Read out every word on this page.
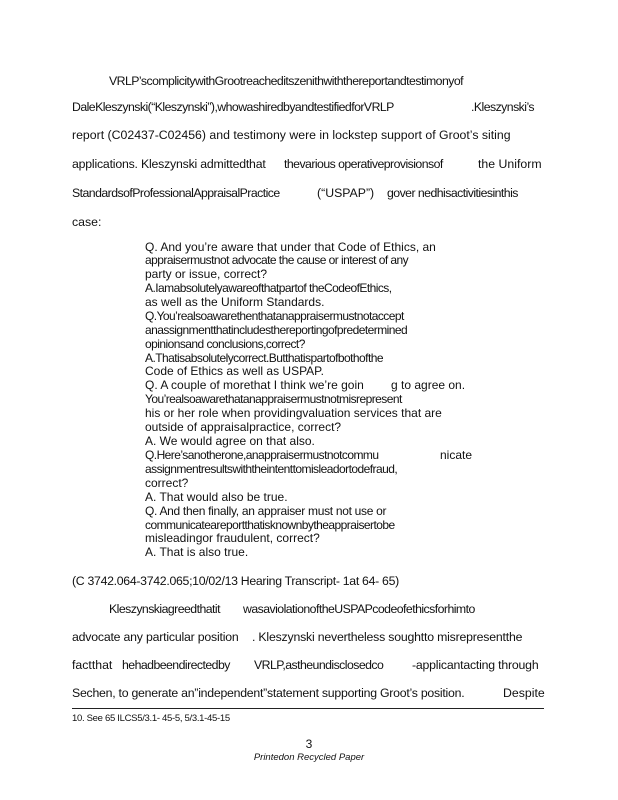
VRLP’scomplicitywithGrootreacheditszenithwiththereportandtestimonyof
DaleKleszynski(“Kleszynski”),whowashiredbyandtestifiedforVRLP	.Kleszynski’s
report (C02437-C02456) and testimony were in lockstep support of Groot’s siting
applications. Kleszynski admittedthat thevarious operativeprovisionsof	the Uniform
StandardsofProfessionalAppraisalPractice	(“USPAP”) gover nedhisactivitiesinthis
case:
Q. And you’re aware that under that Code of Ethics, an
appraisermustnot advocate the cause or interest of any
party or issue, correct?
A.Iamabsolutelyawareofthatpartof theCodeofEthics,
as well as the Uniform Standards.
Q.You’realsoawarethenthatanappraisermustnotaccept
anassignmentthatincludesthereportingofpredetermined
opinionsand conclusions,correct?
A.Thatisabsolutelycorrect.Butthatispartofbothofthe
Code of Ethics as well as USPAP.
Q. A couple of morethat I think we’re goin g to agree on.
You’realsoawarethatanappraisermustnotmisrepresent
his or her role when providingvaluation services that are
outside of appraisalpractice, correct?
A. We would agree on that also.
Q.Here’sanotherone,anappraisermustnotcommu	nicate
assignmentresultswiththeintenttomisleadortodefraud,
correct?
A. That would also be true.
Q. And then finally, an appraiser must not use or
communicateareportthatisknownbytheappraisertobe
misleadingor fraudulent, correct?
A. That is also true.
(C 3742.064-3742.065;10/02/13 Hearing Transcript- 1at 64- 65)
Kleszynskiagreedthatit wasaviolationoftheUSPAPcodeofethicsforhimto
advocate any particular position . Kleszynski nevertheless soughtto misrepresentthe
factthat hehadbeendirectedby VRLP,astheundisclosedco -applicantacting through
Sechen, to generate an”independent”statement supporting Groot’s position.	Despite
10. See 65 ILCS5/3.1- 45-5, 5/3.1-45-15
3
Printedon Recycled Paper
